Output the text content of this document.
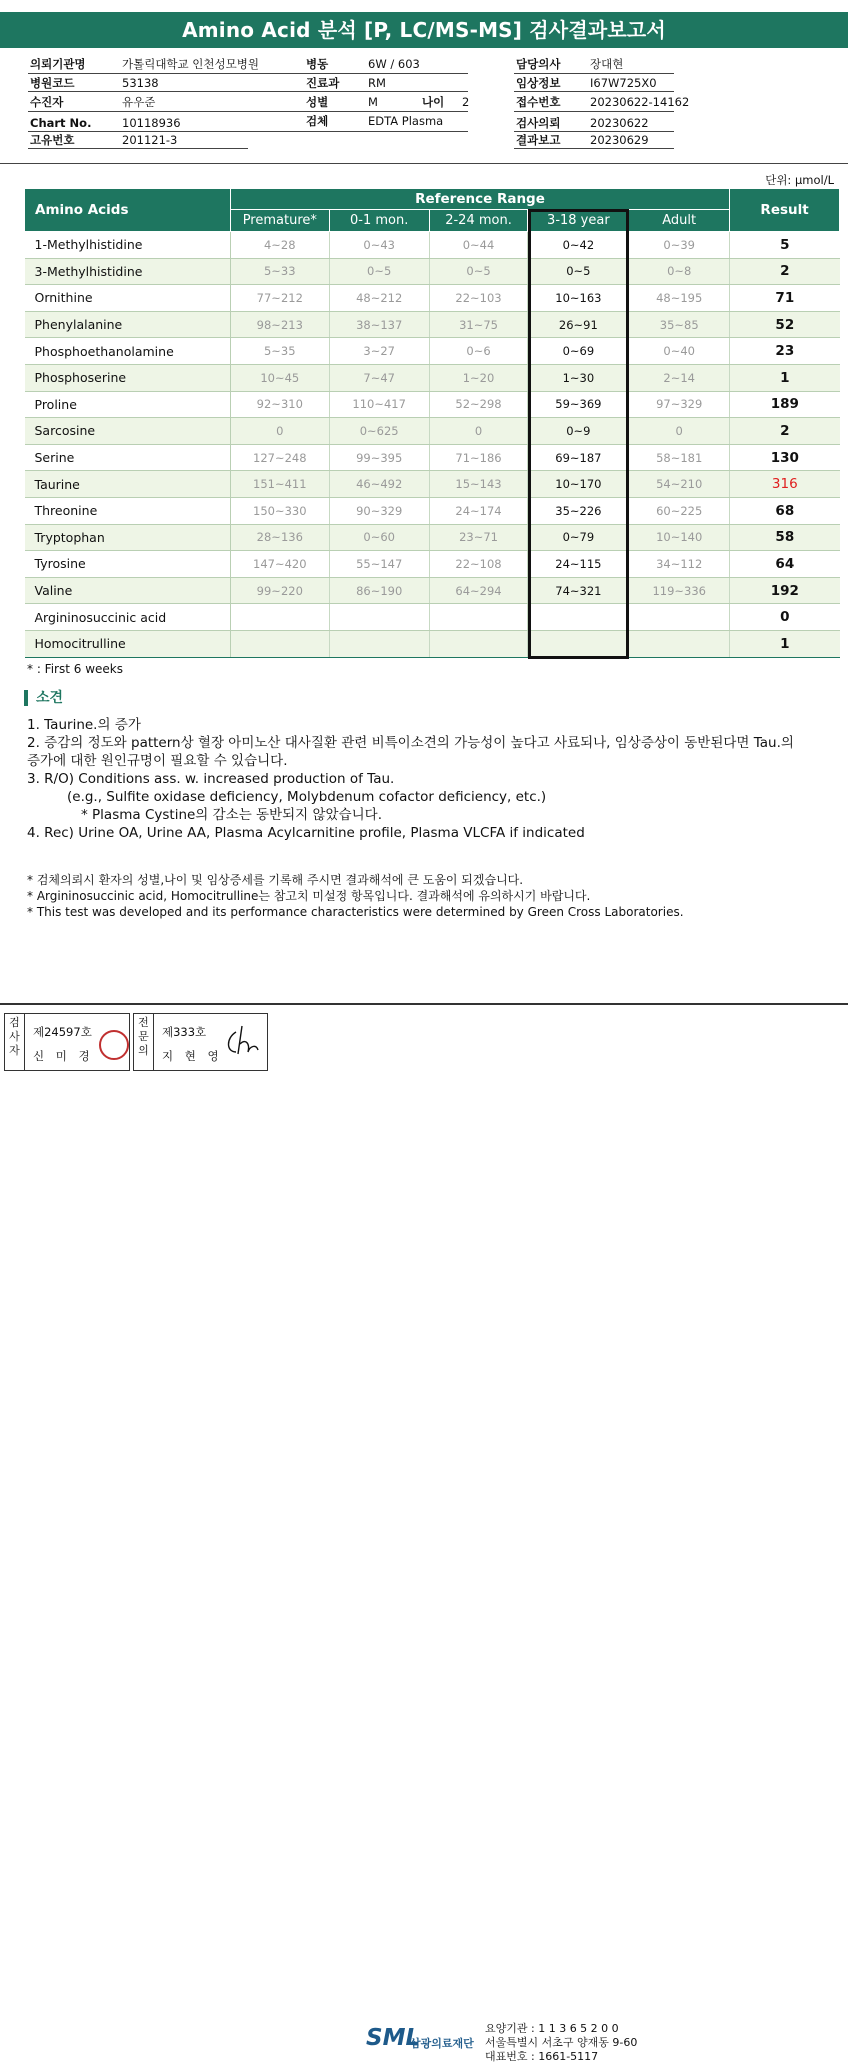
Amino Acid 분석 [P, LC/MS-MS] 검사결과보고서
의뢰기관명	가톨릭대학교 인천성모병원
병원코드	53138
수진자	유우준
Chart No.	10118936
고유번호	201121-3
병동	6W / 603
진료과 RM
성별	M	나이 2
검체	EDTA Plasma
담당의사	장대현
임상정보	I67W725X0
접수번호	20230622-14162
검사의뢰	20230622
결과보고	20230629
단위: μmol/L
Amino Acids	Reference Range					Result
	Premature*	0-1 mon.	2-24 mon.	3-18 year	Adult	
1-Methylhistidine	4~28	0~43	0~44	0~42	0~39	5
3-Methylhistidine	5~33	0~5	0~5	0~5	0~8	2
Ornithine	77~212	48~212	22~103	10~163	48~195	71
Phenylalanine	98~213	38~137	31~75	26~91	35~85	52
Phosphoethanolamine	5~35	3~27	0~6	0~69	0~40	23
Phosphoserine	10~45	7~47	1~20	1~30	2~14	1
Proline	92~310	110~417	52~298	59~369	97~329	189
Sarcosine	0	0~625	0	0~9	0	2
Serine	127~248	99~395	71~186	69~187	58~181	130
Taurine	151~411	46~492	15~143	10~170	54~210	316
Threonine	150~330	90~329	24~174	35~226	60~225	68
Tryptophan	28~136	0~60	23~71	0~79	10~140	58
Tyrosine	147~420	55~147	22~108	24~115	34~112	64
Valine	99~220	86~190	64~294	74~321	119~336	192
Argininosuccinic acid						0
Homocitrulline						1
* : First 6 weeks
소견
1. Taurine.의 증가
2. 증감의 정도와 pattern상 혈장 아미노산 대사질환 관련 비특이소견의 가능성이 높다고 사료되나, 임상증상이 동반된다면 Tau.의
증가에 대한 원인규명이 필요할 수 있습니다.
3. R/O) Conditions ass. w. increased production of Tau.
(e.g., Sulfite oxidase deficiency, Molybdenum cofactor deficiency, etc.)
* Plasma Cystine의 감소는 동반되지 않았습니다.
4. Rec) Urine OA, Urine AA, Plasma Acylcarnitine profile, Plasma VLCFA if indicated
* 검체의뢰시 환자의 성별,나이 및 임상증세를 기록해 주시면 결과해석에 큰 도움이 되겠습니다.
* Argininosuccinic acid, Homocitrulline는 참고치 미설정 항목입니다. 결과해석에 유의하시기 바랍니다.
* This test was developed and its performance characteristics were determined by Green Cross Laboratories.
검사자
제24597호
신 미 경
전문의
제333호
지 현 영
SML
삼광의료재단
요양기관 : 1 1 3 6 5 2 0 0
서울특별시 서초구 양재동 9-60
대표번호 : 1661-5117
